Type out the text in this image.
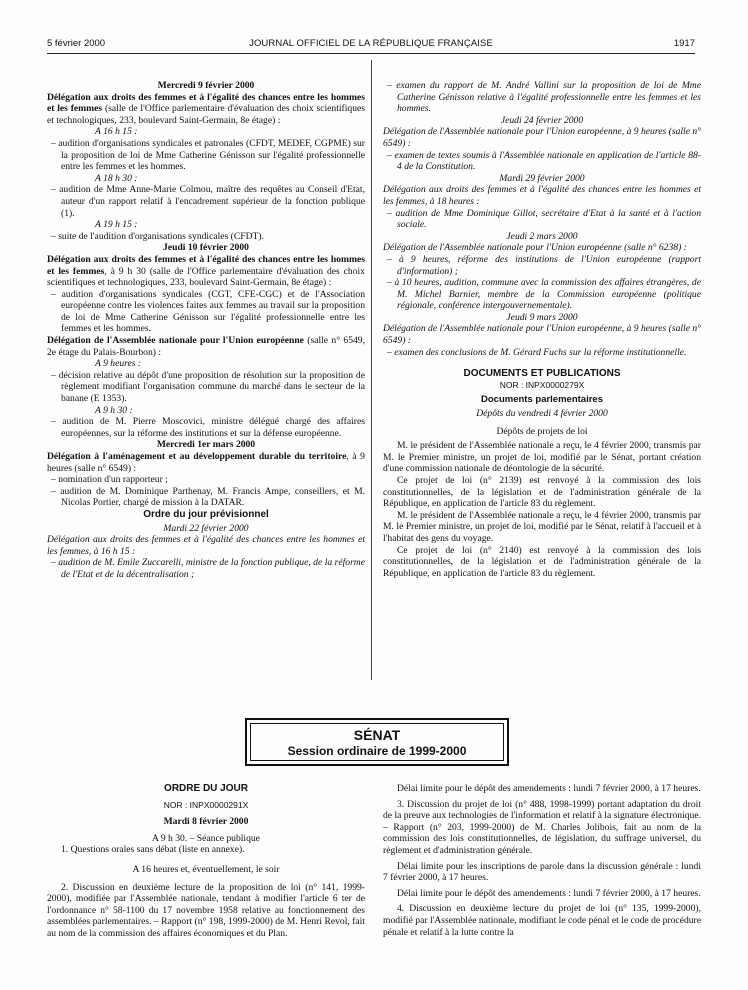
5 février 2000	JOURNAL OFFICIEL DE LA RÉPUBLIQUE FRANÇAISE	1917

Mercredi 9 février 2000

Délégation aux droits des femmes et à l'égalité des chances entre les hommes et les femmes (salle de l'Office parlementaire d'évaluation des choix scientifiques et technologiques, 233, boulevard Saint-Germain, 8e étage) :

A 16 h 15 :

– audition d'organisations syndicales et patronales (CFDT, MEDEF, CGPME) sur la proposition de loi de Mme Catherine Génisson sur l'égalité professionnelle entre les femmes et les hommes.

A 18 h 30 :

– audition de Mme Anne-Marie Colmou, maître des requêtes au Conseil d'Etat, auteur d'un rapport relatif à l'encadrement supérieur de la fonction publique (1).

A 19 h 15 :

– suite de l'audition d'organisations syndicales (CFDT).

Jeudi 10 février 2000

Délégation aux droits des femmes et à l'égalité des chances entre les hommes et les femmes, à 9 h 30 (salle de l'Office parlementaire d'évaluation des choix scientifiques et technologiques, 233, boulevard Saint-Germain, 8e étage) :

– audition d'organisations syndicales (CGT, CFE-CGC) et de l'Association européenne contre les violences faites aux femmes au travail sur la proposition de loi de Mme Catherine Génisson sur l'égalité professionnelle entre les femmes et les hommes.

Délégation de l'Assemblée nationale pour l'Union européenne (salle n° 6549, 2e étage du Palais-Bourbon) :

A 9 heures :

– décision relative au dépôt d'une proposition de résolution sur la proposition de règlement modifiant l'organisation commune du marché dans le secteur de la banane (E 1353).

A 9 h 30 :

– audition de M. Pierre Moscovici, ministre délégué chargé des affaires européennes, sur la réforme des institutions et sur la défense européenne.

Mercredi 1er mars 2000

Délégation à l'aménagement et au développement durable du territoire, à 9 heures (salle n° 6549) :

– nomination d'un rapporteur ;

– audition de M. Dominique Parthenay, M. Francis Ampe, conseillers, et M. Nicolas Portier, chargé de mission à la DATAR.

Ordre du jour prévisionnel

Mardi 22 février 2000

Délégation aux droits des femmes et à l'égalité des chances entre les hommes et les femmes, à 16 h 15 :

– audition de M. Emile Zuccarelli, ministre de la fonction publique, de la réforme de l'Etat et de la décentralisation ;

– examen du rapport de M. André Vallini sur la proposition de loi de Mme Catherine Génisson relative à l'égalité professionnelle entre les femmes et les hommes.

Jeudi 24 février 2000

Délégation de l'Assemblée nationale pour l'Union européenne, à 9 heures (salle n° 6549) :

– examen de textes soumis à l'Assemblée nationale en application de l'article 88-4 de la Constitution.

Mardi 29 février 2000

Délégation aux droits des femmes et à l'égalité des chances entre les hommes et les femmes, à 18 heures :

– audition de Mme Dominique Gillot, secrétaire d'Etat à la santé et à l'action sociale.

Jeudi 2 mars 2000

Délégation de l'Assemblée nationale pour l'Union européenne (salle n° 6238) :

– à 9 heures, réforme des institutions de l'Union européenne (rapport d'information) ;

– à 10 heures, audition, commune avec la commission des affaires étrangères, de M. Michel Barnier, membre de la Commission européenne (politique régionale, conférence intergouvernementale).

Jeudi 9 mars 2000

Délégation de l'Assemblée nationale pour l'Union européenne, à 9 heures (salle n° 6549) :

– examen des conclusions de M. Gérard Fuchs sur la réforme institutionnelle.

DOCUMENTS ET PUBLICATIONS

NOR : INPX0000279X

Documents parlementaires

Dépôts du vendredi 4 février 2000

Dépôts de projets de loi

M. le président de l'Assemblée nationale a reçu, le 4 février 2000, transmis par M. le Premier ministre, un projet de loi, modifié par le Sénat, portant création d'une commission nationale de déontologie de la sécurité.

Ce projet de loi (n° 2139) est renvoyé à la commission des lois constitutionnelles, de la législation et de l'administration générale de la République, en application de l'article 83 du règlement.

M. le président de l'Assemblée nationale a reçu, le 4 février 2000, transmis par M. le Premier ministre, un projet de loi, modifié par le Sénat, relatif à l'accueil et à l'habitat des gens du voyage.

Ce projet de loi (n° 2140) est renvoyé à la commission des lois constitutionnelles, de la législation et de l'administration générale de la République, en application de l'article 83 du règlement.

SÉNAT
Session ordinaire de 1999-2000

ORDRE DU JOUR

NOR : INPX0000291X

Mardi 8 février 2000

A 9 h 30. – Séance publique

1. Questions orales sans débat (liste en annexe).

A 16 heures et, éventuellement, le soir

2. Discussion en deuxième lecture de la proposition de loi (n° 141, 1999-2000), modifiée par l'Assemblée nationale, tendant à modifier l'article 6 ter de l'ordonnance n° 58-1100 du 17 novembre 1958 relative au fonctionnement des assemblées parlementaires. – Rapport (n° 198, 1999-2000) de M. Henri Revol, fait au nom de la commission des affaires économiques et du Plan.

Délai limite pour le dépôt des amendements : lundi 7 février 2000, à 17 heures.

3. Discussion du projet de loi (n° 488, 1998-1999) portant adaptation du droit de la preuve aux technologies de l'information et relatif à la signature électronique. – Rapport (n° 203, 1999-2000) de M. Charles Jolibois, fait au nom de la commission des lois constitutionnelles, de législation, du suffrage universel, du règlement et d'administration générale.

Délai limite pour les inscriptions de parole dans la discussion générale : lundi 7 février 2000, à 17 heures.

Délai limite pour le dépôt des amendements : lundi 7 février 2000, à 17 heures.

4. Discussion en deuxième lecture du projet de loi (n° 135, 1999-2000), modifié par l'Assemblée nationale, modifiant le code pénal et le code de procédure pénale et relatif à la lutte contre la
